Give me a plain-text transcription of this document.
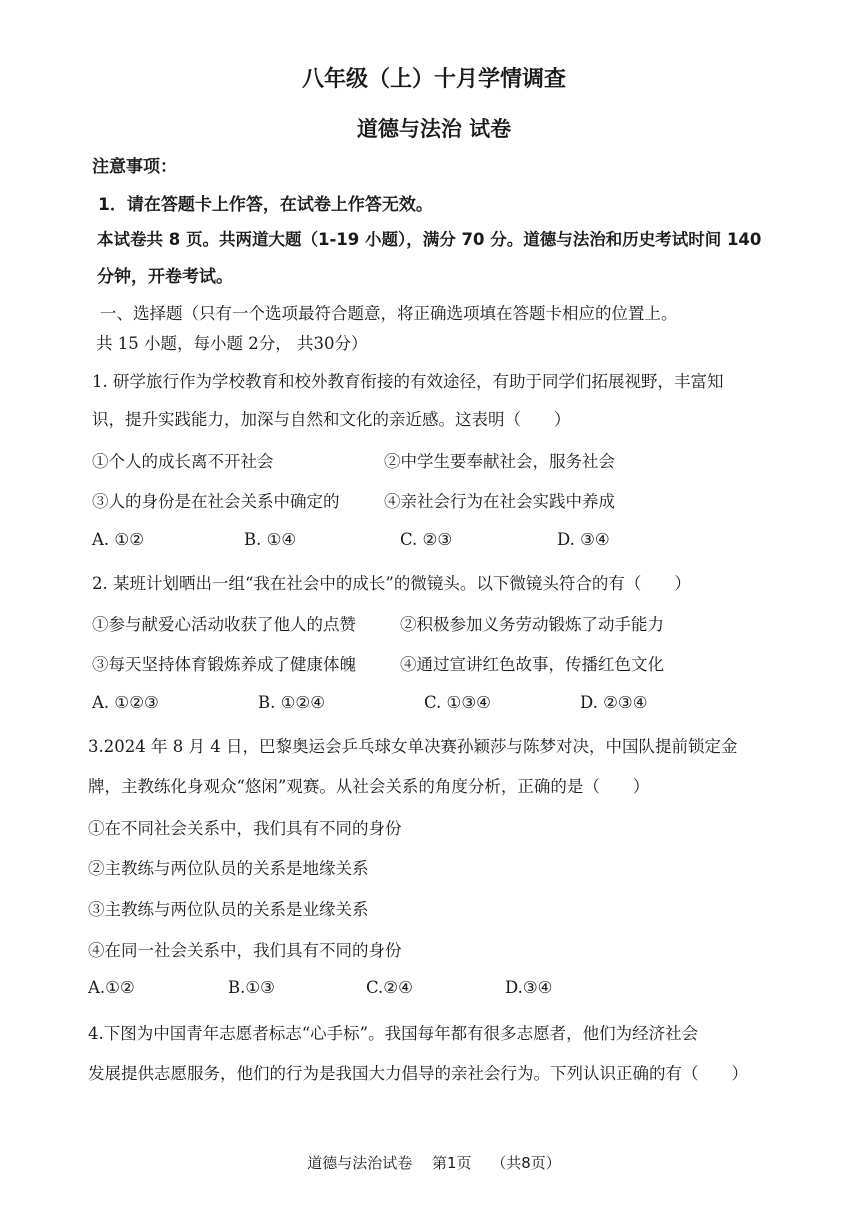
八年级（上）十月学情调查
道德与法治 试卷
注意事项：
1．请在答题卡上作答，在试卷上作答无效。
本试卷共 8 页。共两道大题（1-19 小题），满分 70 分。道德与法治和历史考试时间 140
分钟，开卷考试。
一、选择题（只有一个选项最符合题意，将正确选项填在答题卡相应的位置上。
共 15 小题，每小题 2分， 共30分）
1. 研学旅行作为学校教育和校外教育衔接的有效途径，有助于同学们拓展视野，丰富知
识，提升实践能力，加深与自然和文化的亲近感。这表明（　　）
①个人的成长离不开社会	②中学生要奉献社会，服务社会
③人的身份是在社会关系中确定的	④亲社会行为在社会实践中养成
A. ①②	B. ①④	C. ②③	D. ③④
2. 某班计划晒出一组“我在社会中的成长”的微镜头。以下微镜头符合的有（　　）
①参与献爱心活动收获了他人的点赞	②积极参加义务劳动锻炼了动手能力
③每天坚持体育锻炼养成了健康体魄	④通过宣讲红色故事，传播红色文化
A. ①②③	B. ①②④	C. ①③④	D. ②③④
3.2024 年 8 月 4 日，巴黎奥运会乒乓球女单决赛孙颖莎与陈梦对决，中国队提前锁定金
牌，主教练化身观众“悠闲”观赛。从社会关系的角度分析，正确的是（　　）
①在不同社会关系中，我们具有不同的身份
②主教练与两位队员的关系是地缘关系
③主教练与两位队员的关系是业缘关系
④在同一社会关系中，我们具有不同的身份
A.①②	B.①③	C.②④	D.③④
4.下图为中国青年志愿者标志“心手标”。我国每年都有很多志愿者，他们为经济社会
发展提供志愿服务，他们的行为是我国大力倡导的亲社会行为。下列认识正确的有（　　）
道德与法治试卷　 第1页　 （共8页）
